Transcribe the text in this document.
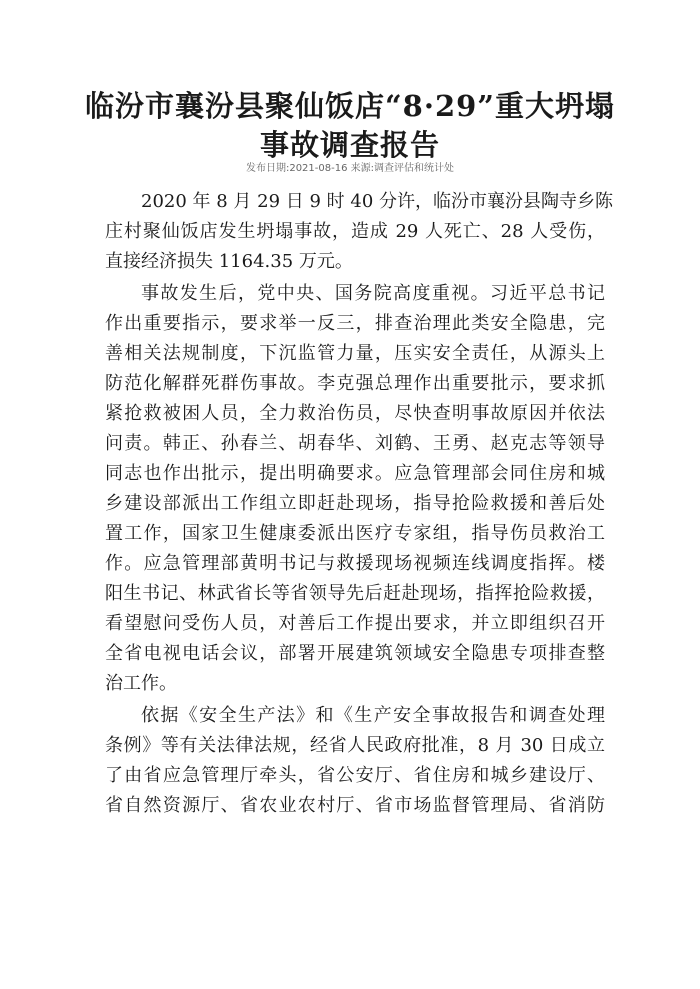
临汾市襄汾县聚仙饭店“8·29”重大坍塌
事故调查报告
发布日期:2021-08-16 来源:调查评估和统计处
2020 年 8 月 29 日 9 时 40 分许，临汾市襄汾县陶寺乡陈
庄村聚仙饭店发生坍塌事故，造成 29 人死亡、28 人受伤，
直接经济损失 1164.35 万元。
事故发生后，党中央、国务院高度重视。习近平总书记
作出重要指示，要求举一反三，排查治理此类安全隐患，完
善相关法规制度，下沉监管力量，压实安全责任，从源头上
防范化解群死群伤事故。李克强总理作出重要批示，要求抓
紧抢救被困人员，全力救治伤员，尽快查明事故原因并依法
问责。韩正、孙春兰、胡春华、刘鹤、王勇、赵克志等领导
同志也作出批示，提出明确要求。应急管理部会同住房和城
乡建设部派出工作组立即赶赴现场，指导抢险救援和善后处
置工作，国家卫生健康委派出医疗专家组，指导伤员救治工
作。应急管理部黄明书记与救援现场视频连线调度指挥。楼
阳生书记、林武省长等省领导先后赶赴现场，指挥抢险救援，
看望慰问受伤人员，对善后工作提出要求，并立即组织召开
全省电视电话会议，部署开展建筑领域安全隐患专项排查整
治工作。
依据《安全生产法》和《生产安全事故报告和调查处理
条例》等有关法律法规，经省人民政府批准，8 月 30 日成立
了由省应急管理厅牵头，省公安厅、省住房和城乡建设厅、
省自然资源厅、省农业农村厅、省市场监督管理局、省消防
